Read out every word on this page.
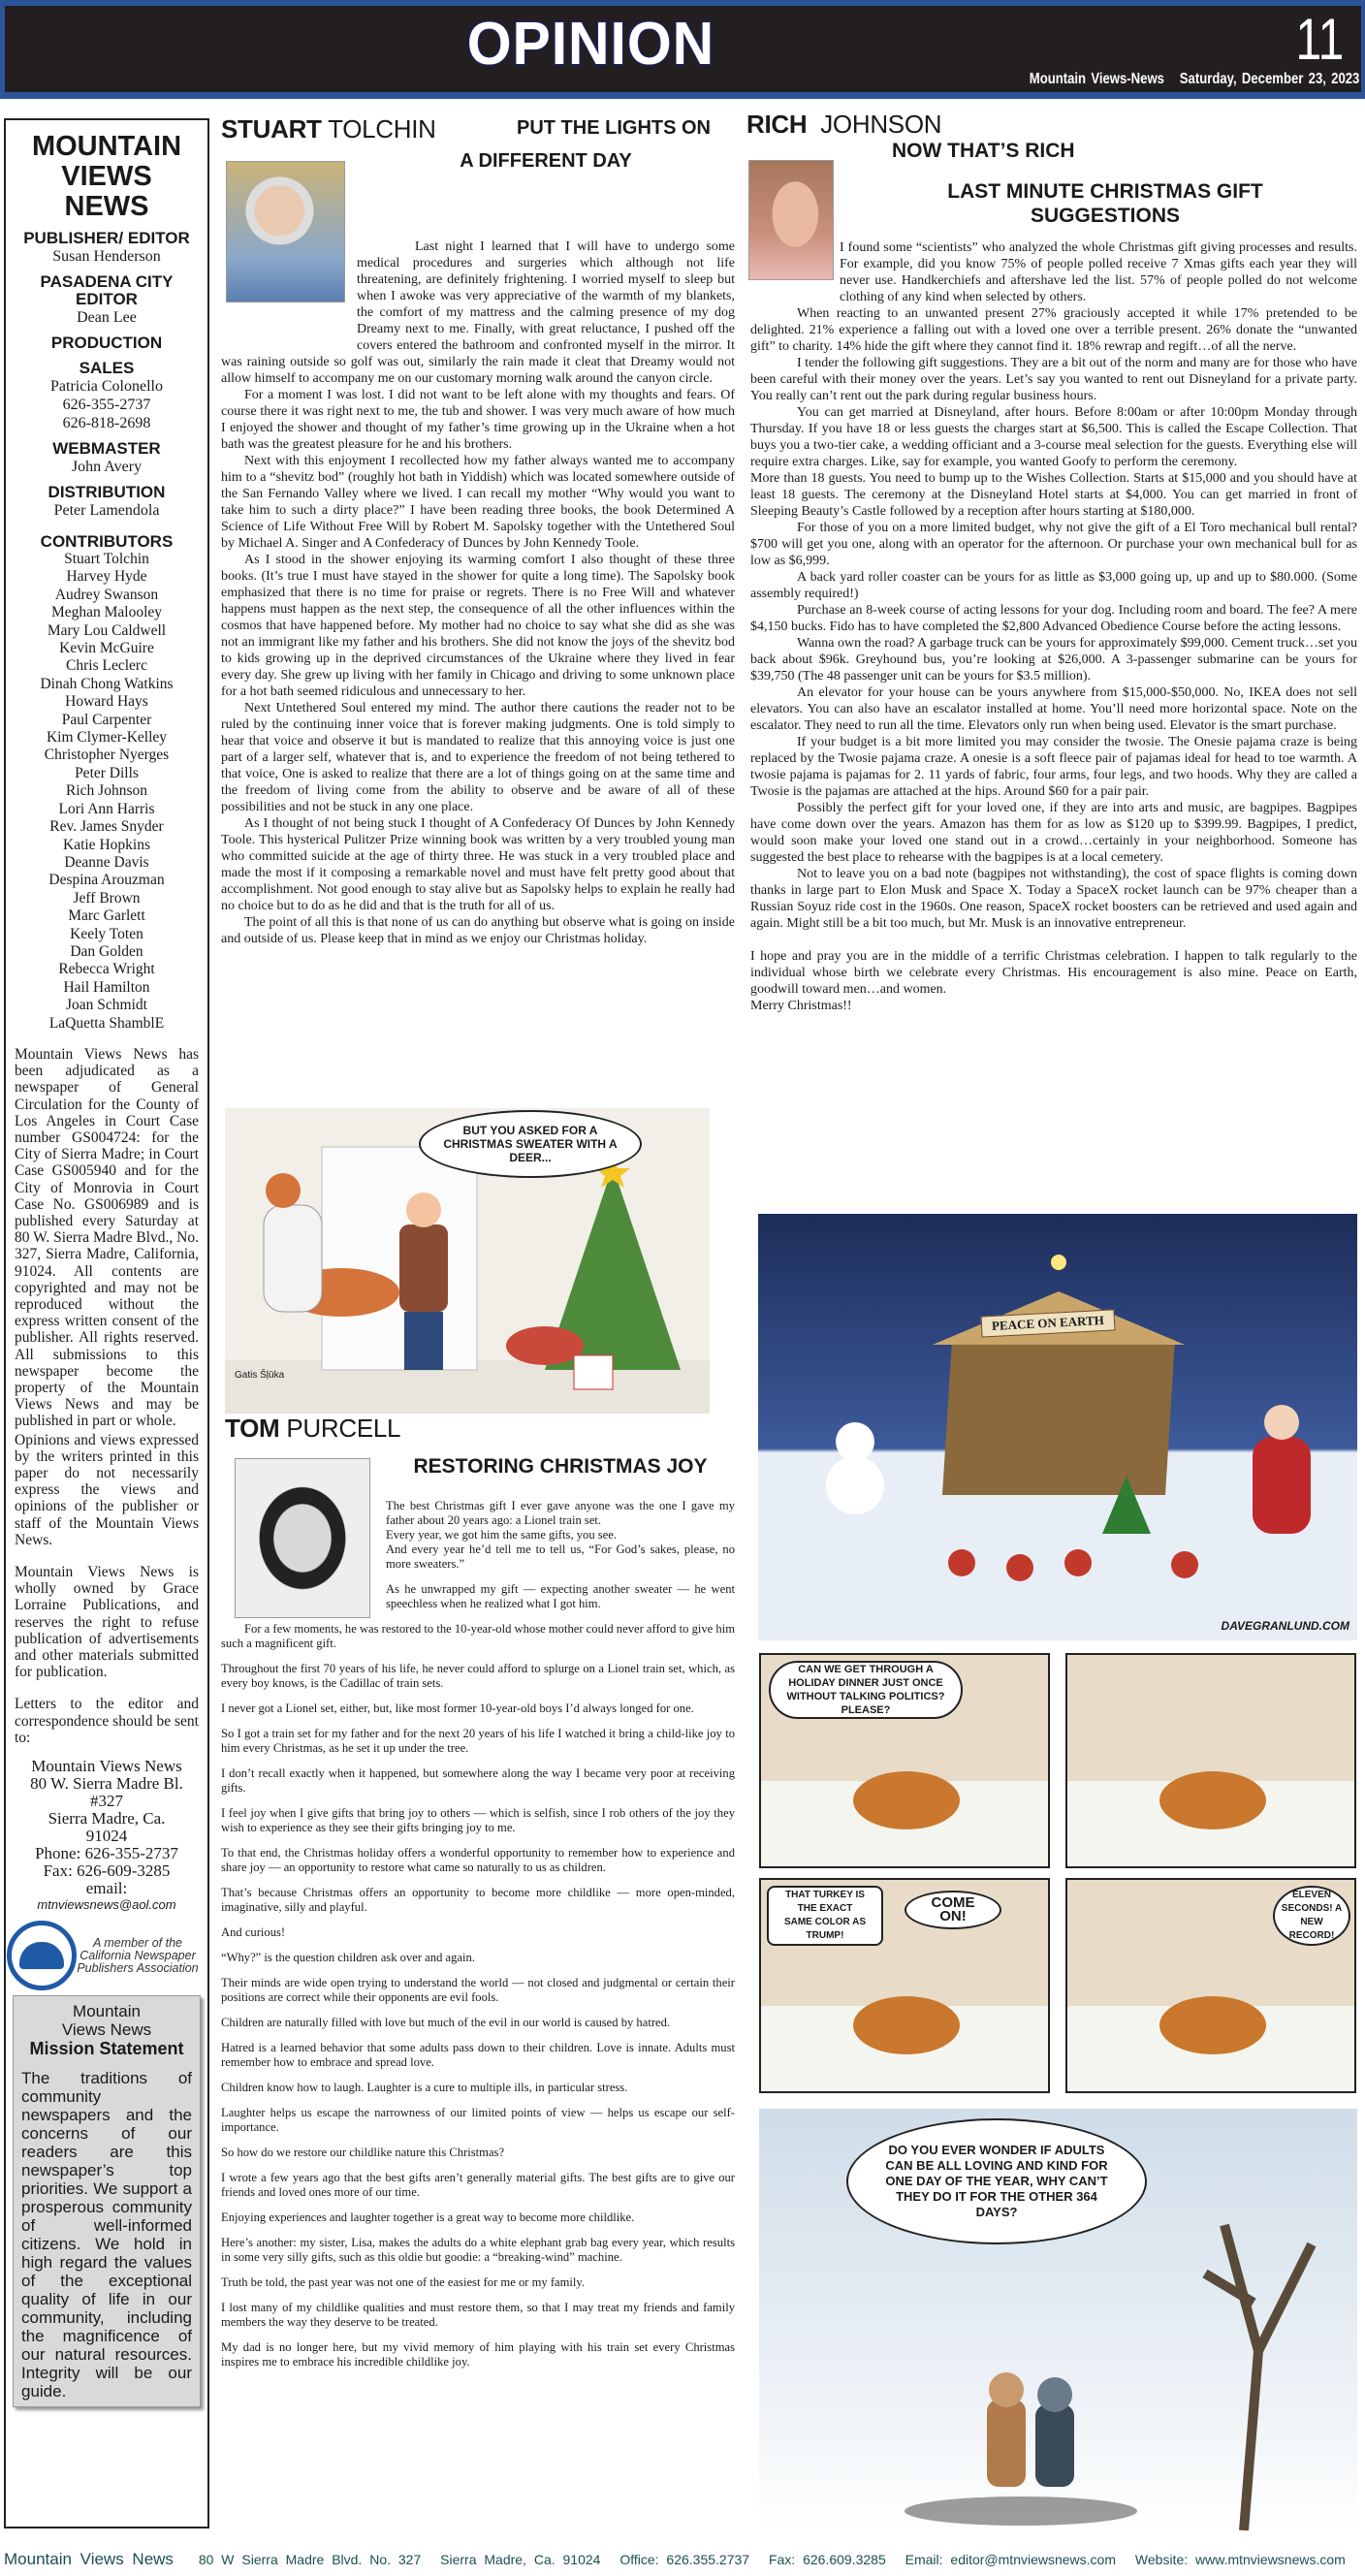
OPINION	11
Mountain Views-News Saturday, December 23, 2023
MOUNTAIN
VIEWS
NEWS
PUBLISHER/ EDITOR
Susan Henderson
PASADENA CITY EDITOR
Dean Lee
PRODUCTION
SALES
Patricia Colonello
626-355-2737
626-818-2698
WEBMASTER
John Avery
DISTRIBUTION
Peter Lamendola
CONTRIBUTORS
Stuart Tolchin
Harvey Hyde
Audrey Swanson
Meghan Malooley
Mary Lou Caldwell
Kevin McGuire
Chris Leclerc
Dinah Chong Watkins
Howard Hays
Paul Carpenter
Kim Clymer-Kelley
Christopher Nyerges
Peter Dills
Rich Johnson
Lori Ann Harris
Rev. James Snyder
Katie Hopkins
Deanne Davis
Despina Arouzman
Jeff Brown
Marc Garlett
Keely Toten
Dan Golden
Rebecca Wright
Hail Hamilton
Joan Schmidt
LaQuetta ShamblE

Mountain Views News has been adjudicated as a newspaper of General Circulation for the County of Los Angeles in Court Case number GS004724: for the City of Sierra Madre; in Court Case GS005940 and for the City of Monrovia in Court Case No. GS006989 and is published every Saturday at 80 W. Sierra Madre Blvd., No. 327, Sierra Madre, California, 91024. All contents are copyrighted and may not be reproduced without the express written consent of the publisher. All rights reserved. All submissions to this newspaper become the property of the Mountain Views News and may be published in part or whole.

Opinions and views expressed by the writers printed in this paper do not necessarily express the views and opinions of the publisher or staff of the Mountain Views News.

Mountain Views News is wholly owned by Grace Lorraine Publications, and reserves the right to refuse publication of advertisements and other materials submitted for publication.

Letters to the editor and correspondence should be sent to:

Mountain Views News
80 W. Sierra Madre Bl.
#327
Sierra Madre, Ca.
91024
Phone: 626-355-2737
Fax: 626-609-3285
email:
mtnviewsnews@aol.com
A member of the California Newspaper Publishers Association
Mountain
Views News
Mission Statement

The traditions of community newspapers and the concerns of our readers are this newspaper’s top priorities. We support a prosperous community of well-informed citizens. We hold in high regard the values of the exceptional quality of life in our community, including the magnificence of our natural resources. Integrity will be our guide.

STUART TOLCHIN	PUT THE LIGHTS ON
A DIFFERENT DAY

Last night I learned that I will have to undergo some medical procedures and surgeries which although not life threatening, are definitely frightening. I worried myself to sleep but when I awoke was very appreciative of the warmth of my blankets, the comfort of my mattress and the calming presence of my dog Dreamy next to me. Finally, with great reluctance, I pushed off the covers entered the bathroom and confronted myself in the mirror. It was raining outside so golf was out, similarly the rain made it cleat that Dreamy would not allow himself to accompany me on our customary morning walk around the canyon circle.

For a moment I was lost. I did not want to be left alone with my thoughts and fears. Of course there it was right next to me, the tub and shower. I was very much aware of how much I enjoyed the shower and thought of my father’s time growing up in the Ukraine when a hot bath was the greatest pleasure for he and his brothers.

Next with this enjoyment I recollected how my father always wanted me to accompany him to a “shevitz bod” (roughly hot bath in Yiddish) which was located somewhere outside of the San Fernando Valley where we lived. I can recall my mother “Why would you want to take him to such a dirty place?” I have been reading three books, the book Determined A Science of Life Without Free Will by Robert M. Sapolsky together with the Untethered Soul by Michael A. Singer and A Confederacy of Dunces by John Kennedy Toole.

As I stood in the shower enjoying its warming comfort I also thought of these three books. (It’s true I must have stayed in the shower for quite a long time). The Sapolsky book emphasized that there is no time for praise or regrets. There is no Free Will and whatever happens must happen as the next step, the consequence of all the other influences within the cosmos that have happened before. My mother had no choice to say what she did as she was not an immigrant like my father and his brothers. She did not know the joys of the shevitz bod to kids growing up in the deprived circumstances of the Ukraine where they lived in fear every day. She grew up living with her family in Chicago and driving to some unknown place for a hot bath seemed ridiculous and unnecessary to her.

Next Untethered Soul entered my mind. The author there cautions the reader not to be ruled by the continuing inner voice that is forever making judgments. One is told simply to hear that voice and observe it but is mandated to realize that this annoying voice is just one part of a larger self, whatever that is, and to experience the freedom of not being tethered to that voice, One is asked to realize that there are a lot of things going on at the same time and the freedom of living come from the ability to observe and be aware of all of these possibilities and not be stuck in any one place.

As I thought of not being stuck I thought of A Confederacy Of Dunces by John Kennedy Toole. This hysterical Pulitzer Prize winning book was written by a very troubled young man who committed suicide at the age of thirty three. He was stuck in a very troubled place and made the most if it composing a remarkable novel and must have felt pretty good about that accomplishment. Not good enough to stay alive but as Sapolsky helps to explain he really had no choice but to do as he did and that is the truth for all of us.

The point of all this is that none of us can do anything but observe what is going on inside and outside of us. Please keep that in mind as we enjoy our Christmas holiday.

BUT YOU ASKED FOR A CHRISTMAS SWEATER WITH A DEER...
Gatis Šļūka
TOM PURCELL
RESTORING CHRISTMAS JOY

The best Christmas gift I ever gave anyone was the one I gave my father about 20 years ago: a Lionel train set.
Every year, we got him the same gifts, you see.
And every year he’d tell me to tell us, “For God’s sakes, please, no more sweaters.”

As he unwrapped my gift — expecting another sweater — he went speechless when he realized what I got him.

For a few moments, he was restored to the 10-year-old whose mother could never afford to give him such a magnificent gift.

Throughout the first 70 years of his life, he never could afford to splurge on a Lionel train set, which, as every boy knows, is the Cadillac of train sets.

I never got a Lionel set, either, but, like most former 10-year-old boys I’d always longed for one.

So I got a train set for my father and for the next 20 years of his life I watched it bring a child-like joy to him every Christmas, as he set it up under the tree.

I don’t recall exactly when it happened, but somewhere along the way I became very poor at receiving gifts.

I feel joy when I give gifts that bring joy to others — which is selfish, since I rob others of the joy they wish to experience as they see their gifts bringing joy to me.

To that end, the Christmas holiday offers a wonderful opportunity to remember how to experience and share joy — an opportunity to restore what came so naturally to us as children.

That’s because Christmas offers an opportunity to become more childlike — more open-minded, imaginative, silly and playful.

And curious!

“Why?” is the question children ask over and again.

Their minds are wide open trying to understand the world — not closed and judgmental or certain their positions are correct while their opponents are evil fools.

Children are naturally filled with love but much of the evil in our world is caused by hatred.

Hatred is a learned behavior that some adults pass down to their children. Love is innate. Adults must remember how to embrace and spread love.

Children know how to laugh. Laughter is a cure to multiple ills, in particular stress.

Laughter helps us escape the narrowness of our limited points of view — helps us escape our self-importance.

So how do we restore our childlike nature this Christmas?

I wrote a few years ago that the best gifts aren’t generally material gifts. The best gifts are to give our friends and loved ones more of our time.

Enjoying experiences and laughter together is a great way to become more childlike.

Here’s another: my sister, Lisa, makes the adults do a white elephant grab bag every year, which results in some very silly gifts, such as this oldie but goodie: a “breaking-wind” machine.

Truth be told, the past year was not one of the easiest for me or my family.

I lost many of my childlike qualities and must restore them, so that I may treat my friends and family members the way they deserve to be treated.

My dad is no longer here, but my vivid memory of him playing with his train set every Christmas inspires me to embrace his incredible childlike joy.

RICH JOHNSON
NOW THAT’S RICH
LAST MINUTE CHRISTMAS GIFT
SUGGESTIONS

I found some “scientists” who analyzed the whole Christmas gift giving processes and results. For example, did you know 75% of people polled receive 7 Xmas gifts each year they will never use. Handkerchiefs and aftershave led the list. 57% of people polled do not welcome clothing of any kind when selected by others.

When reacting to an unwanted present 27% graciously accepted it while 17% pretended to be delighted. 21% experience a falling out with a loved one over a terrible present. 26% donate the “unwanted gift” to charity. 14% hide the gift where they cannot find it. 18% rewrap and regift…of all the nerve.

I tender the following gift suggestions. They are a bit out of the norm and many are for those who have been careful with their money over the years. Let’s say you wanted to rent out Disneyland for a private party. You really can’t rent out the park during regular business hours.

You can get married at Disneyland, after hours. Before 8:00am or after 10:00pm Monday through Thursday. If you have 18 or less guests the charges start at $6,500. This is called the Escape Collection. That buys you a two-tier cake, a wedding officiant and a 3-course meal selection for the guests. Everything else will require extra charges. Like, say for example, you wanted Goofy to perform the ceremony.

More than 18 guests. You need to bump up to the Wishes Collection. Starts at $15,000 and you should have at least 18 guests. The ceremony at the Disneyland Hotel starts at $4,000. You can get married in front of Sleeping Beauty’s Castle followed by a reception after hours starting at $180,000.

For those of you on a more limited budget, why not give the gift of a El Toro mechanical bull rental? $700 will get you one, along with an operator for the afternoon. Or purchase your own mechanical bull for as low as $6,999.

A back yard roller coaster can be yours for as little as $3,000 going up, up and up to $80.000. (Some assembly required!)

Purchase an 8-week course of acting lessons for your dog. Including room and board. The fee? A mere $4,150 bucks. Fido has to have completed the $2,800 Advanced Obedience Course before the acting lessons.

Wanna own the road? A garbage truck can be yours for approximately $99,000. Cement truck…set you back about $96k. Greyhound bus, you’re looking at $26,000. A 3-passenger submarine can be yours for $39,750 (The 48 passenger unit can be yours for $3.5 million).

An elevator for your house can be yours anywhere from $15,000-$50,000. No, IKEA does not sell elevators. You can also have an escalator installed at home. You’ll need more horizontal space. Note on the escalator. They need to run all the time. Elevators only run when being used. Elevator is the smart purchase.

If your budget is a bit more limited you may consider the twosie. The Onesie pajama craze is being replaced by the Twosie pajama craze. A onesie is a soft fleece pair of pajamas ideal for head to toe warmth. A twosie pajama is pajamas for 2. 11 yards of fabric, four arms, four legs, and two hoods. Why they are called a Twosie is the pajamas are attached at the hips. Around $60 for a pair pair.

Possibly the perfect gift for your loved one, if they are into arts and music, are bagpipes. Bagpipes have come down over the years. Amazon has them for as low as $120 up to $399.99. Bagpipes, I predict, would soon make your loved one stand out in a crowd…certainly in your neighborhood. Someone has suggested the best place to rehearse with the bagpipes is at a local cemetery.

Not to leave you on a bad note (bagpipes not withstanding), the cost of space flights is coming down thanks in large part to Elon Musk and Space X. Today a SpaceX rocket launch can be 97% cheaper than a Russian Soyuz ride cost in the 1960s. One reason, SpaceX rocket boosters can be retrieved and used again and again. Might still be a bit too much, but Mr. Musk is an innovative entrepreneur.

I hope and pray you are in the middle of a terrific Christmas celebration. I happen to talk regularly to the individual whose birth we celebrate every Christmas. His encouragement is also mine. Peace on Earth, goodwill toward men…and women.

Merry Christmas!!

PEACE ON EARTH
DAVEGRANLUND.COM
CAN WE GET THROUGH A HOLIDAY DINNER JUST ONCE WITHOUT TALKING POLITICS? PLEASE?
THAT TURKEY IS THE EXACT SAME COLOR AS TRUMP!
COME ON!
ELEVEN SECONDS! A NEW RECORD!
DO YOU EVER WONDER IF ADULTS CAN BE ALL LOVING AND KIND FOR ONE DAY OF THE YEAR, WHY CAN’T THEY DO IT FOR THE OTHER 364 DAYS?
Mountain Views News 80 W Sierra Madre Blvd. No. 327 Sierra Madre, Ca. 91024 Office: 626.355.2737 Fax: 626.609.3285 Email: editor@mtnviewsnews.com Website: www.mtnviewsnews.com
